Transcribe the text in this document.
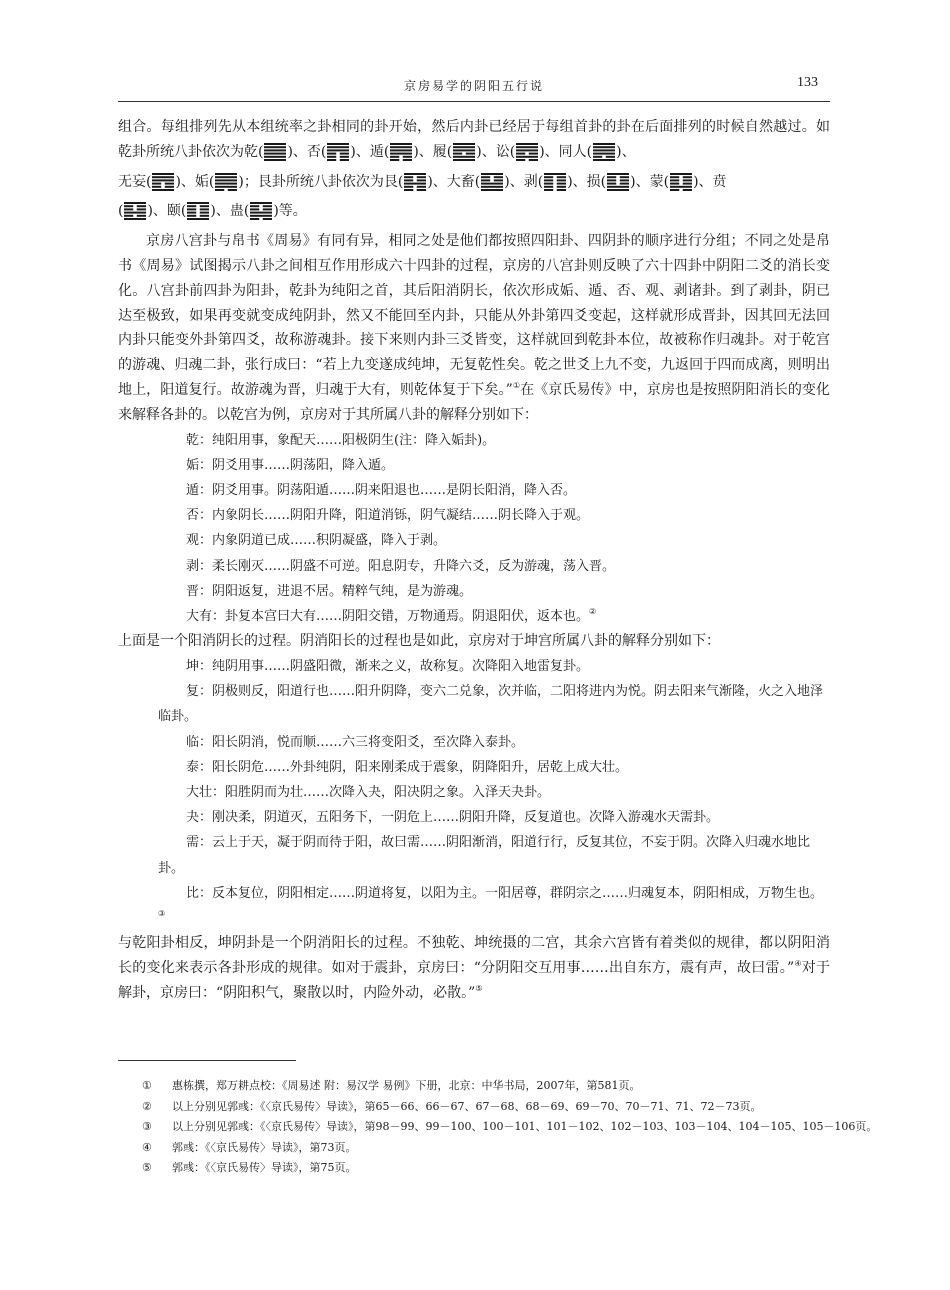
京房易学的阴阳五行说	133

组合。每组排列先从本组统率之卦相同的卦开始，然后内卦已经居于每组首卦的卦在后面排列的时候自然越过。如乾卦所统八卦依次为乾( )、否( )、遁( )、履( )、讼( )、同人( )、
无妄( )、姤( )；艮卦所统八卦依次为艮( )、大畜( )、剥( )、损( )、蒙( )、贲
( )、颐( )、蛊( )等。

京房八宫卦与帛书《周易》有同有异，相同之处是他们都按照四阳卦、四阴卦的顺序进行分组；不同之处是帛书《周易》试图揭示八卦之间相互作用形成六十四卦的过程，京房的八宫卦则反映了六十四卦中阴阳二爻的消长变化。八宫卦前四卦为阳卦，乾卦为纯阳之首，其后阳消阴长，依次形成姤、遁、否、观、剥诸卦。到了剥卦，阴已达至极致，如果再变就变成纯阴卦，然又不能回至内卦，只能从外卦第四爻变起，这样就形成晋卦，因其回无法回内卦只能变外卦第四爻，故称游魂卦。接下来则内卦三爻皆变，这样就回到乾卦本位，故被称作归魂卦。对于乾宫的游魂、归魂二卦，张行成曰：“若上九变遂成纯坤，无复乾性矣。乾之世爻上九不变，九返回于四而成离，则明出地上，阳道复行。故游魂为晋，归魂于大有，则乾体复于下矣。”①在《京氏易传》中，京房也是按照阴阳消长的变化来解释各卦的。以乾宫为例，京房对于其所属八卦的解释分别如下：

乾：纯阳用事，象配天……阳极阴生(注：降入姤卦)。

姤：阴爻用事……阴荡阳，降入遁。

遁：阴爻用事。阴荡阳遁……阴来阳退也……是阴长阳消，降入否。

否：内象阴长……阴阳升降，阳道消铄，阴气凝结……阴长降入于观。

观：内象阴道已成……积阴凝盛，降入于剥。

剥：柔长刚灭……阴盛不可逆。阳息阴专，升降六爻，反为游魂，荡入晋。

晋：阴阳返复，进退不居。精粹气纯，是为游魂。

大有：卦复本宫曰大有……阴阳交错，万物通焉。阴退阳伏，返本也。②

上面是一个阳消阴长的过程。阴消阳长的过程也是如此，京房对于坤宫所属八卦的解释分别如下：

坤：纯阴用事……阴盛阳微，渐来之义，故称复。次降阳入地雷复卦。

复：阴极则反，阳道行也……阳升阴降，变六二兑象，次并临，二阳将进内为悦。阴去阳来气渐隆，火之入地泽临卦。

临：阳长阴消，悦而顺……六三将变阳爻，至次降入泰卦。

泰：阳长阴危……外卦纯阴，阳来刚柔成于震象，阴降阳升，居乾上成大壮。

大壮：阳胜阴而为壮……次降入夬，阳决阴之象。入泽天夬卦。

夬：刚决柔，阴道灭，五阳务下，一阴危上……阴阳升降，反复道也。次降入游魂水天需卦。

需：云上于天，凝于阴而待于阳，故曰需……阴阳渐消，阳道行行，反复其位，不妄于阴。次降入归魂水地比卦。

比：反本复位，阴阳相定……阴道将复，以阳为主。一阳居尊，群阴宗之……归魂复本，阴阳相成，万物生也。③

与乾阳卦相反，坤阴卦是一个阴消阳长的过程。不独乾、坤统摄的二宫，其余六宫皆有着类似的规律，都以阴阳消长的变化来表示各卦形成的规律。如对于震卦，京房曰：“分阴阳交互用事……出自东方，震有声，故曰雷。”④对于解卦，京房曰：“阴阳积气，聚散以时，内险外动，必散。”⑤

① 惠栋撰，郑万耕点校：《周易述 附：易汉学 易例》下册，北京：中华书局，2007年，第581页。
② 以上分别见郭彧：《〈京氏易传〉导读》，第65－66、66－67、67－68、68－69、69－70、70－71、71、72－73页。
③ 以上分别见郭彧：《〈京氏易传〉导读》，第98－99、99－100、100－101、101－102、102－103、103－104、104－105、105－106页。
④ 郭彧：《〈京氏易传〉导读》，第73页。
⑤ 郭彧：《〈京氏易传〉导读》，第75页。
